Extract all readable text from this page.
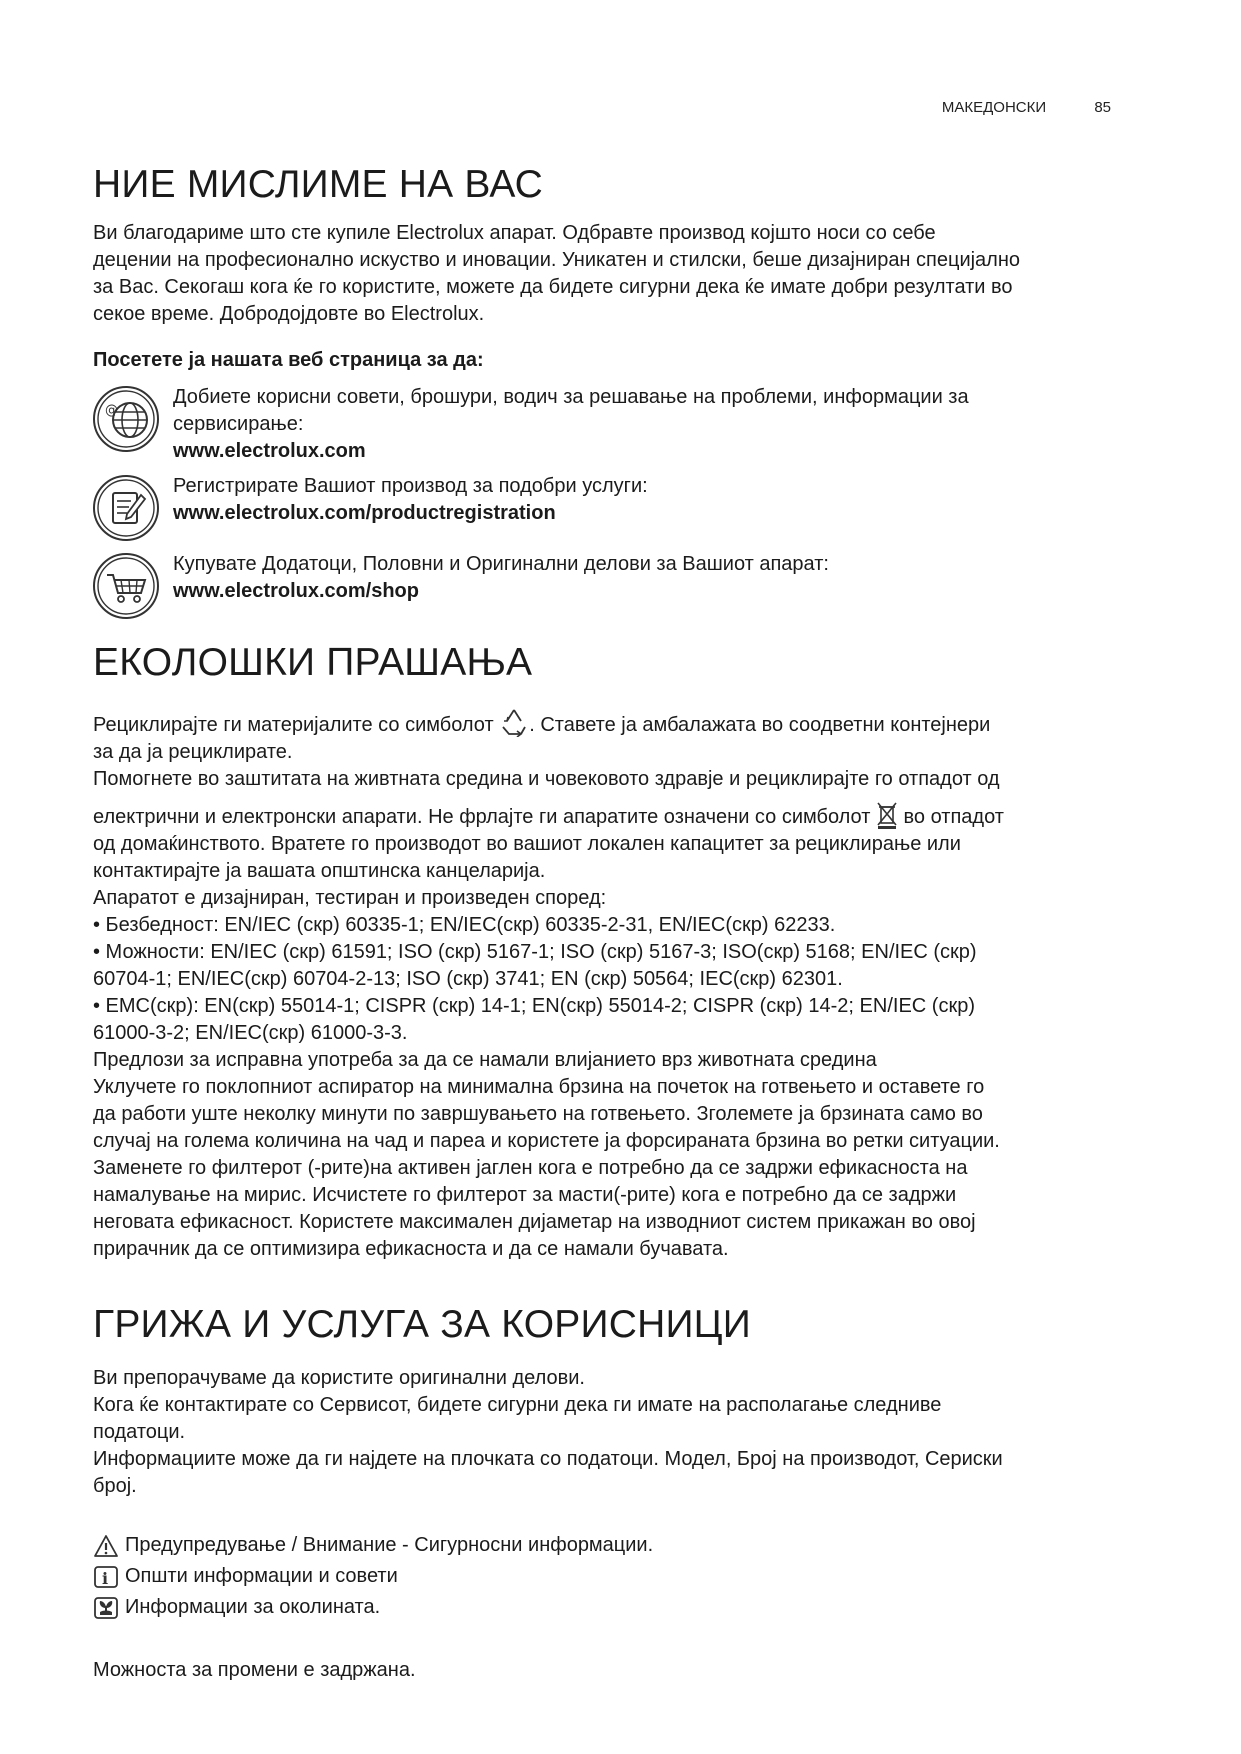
МАКЕДОНСКИ	85
НИЕ МИСЛИМЕ НА ВАС

Ви благодариме што сте купиле Electrolux апарат. Одбравте производ којшто носи со себе

децении на професионално искуство и иновации. Уникатен и стилски, беше дизајниран специјално

за Вас. Секогаш кога ќе го користите, можете да бидете сигурни дека ќе имате добри резултати во

секое време. Добродојдовте во Electrolux.

Посетете ја нашата веб страница за да:

@

Добиете корисни совети, брошури, водич за решавање на проблеми, информации за

сервисирање:

www.electrolux.com

Регистрирате Вашиот производ за подобри услуги:

www.electrolux.com/productregistration

Купувате Додатоци, Половни и Оригинални делови за Вашиот апарат:

www.electrolux.com/shop

ЕКОЛОШКИ ПРАШАЊА

Рециклирајте ги материјалите со симболот . Ставете ја амбалажата во соодветни контејнери

за да ја рециклирате.

Помогнете во заштитата на живтната средина и човековото здравје и рециклирајте го отпадот од

електрични и електронски апарати. Не фрлајте ги апаратите означени со симболот  во отпадот

од домаќинството. Вратете го производот во вашиот локален капацитет за рециклирање или

контактирајте ја вашата општинска канцеларија.

Апаратот е дизајниран, тестиран и произведен според:

• Безбедност: EN/IEC (скр) 60335-1; EN/IEC(скр) 60335-2-31, EN/IEC(скр) 62233.

• Можности: EN/IEC (скр) 61591; ISO (скр) 5167-1; ISO (скр) 5167-3; ISO(скр) 5168; EN/IEC (скр)

60704-1; EN/IEC(скр) 60704-2-13; ISO (скр) 3741; EN (скр) 50564; IEC(скр) 62301.

• EMC(скр): EN(скр) 55014-1; CISPR (скр) 14-1; EN(скр) 55014-2; CISPR (скр) 14-2; EN/IEC (скр)

61000-3-2; EN/IEC(скр) 61000-3-3.

Предлози за исправна употреба за да се намали влијанието врз животната средина

Уклучете го поклопниот аспиратор на минимална брзина на почеток на готвењето и оставете го

да работи уште неколку минути по завршувањето на готвењето. Зголемете ја брзината само во

случај на голема количина на чад и пареа и користете ја форсираната брзина во ретки ситуации.

Заменете го филтерот (-рите)на активен јаглен кога е потребно да се задржи ефикасноста на

намалување на мирис. Исчистете го филтерот за масти(-рите) кога е потребно да се задржи

неговата ефикасност. Користете максимален дијаметар на изводниот систем прикажан во овој

прирачник да се оптимизира ефикасноста и да се намали бучавата.

ГРИЖА И УСЛУГА ЗА КОРИСНИЦИ

Ви препорачуваме да користите оригинални делови.

Кога ќе контактирате со Сервисот, бидете сигурни дека ги имате на располагање следниве

податоци.

Информациите може да ги најдете на плочката со податоци. Модел, Број на производот, Сериски

број.

Предупредување / Внимание - Сигурносни информации.
i Општи информации и совети
Информации за околината.

Можноста за промени е задржана.
